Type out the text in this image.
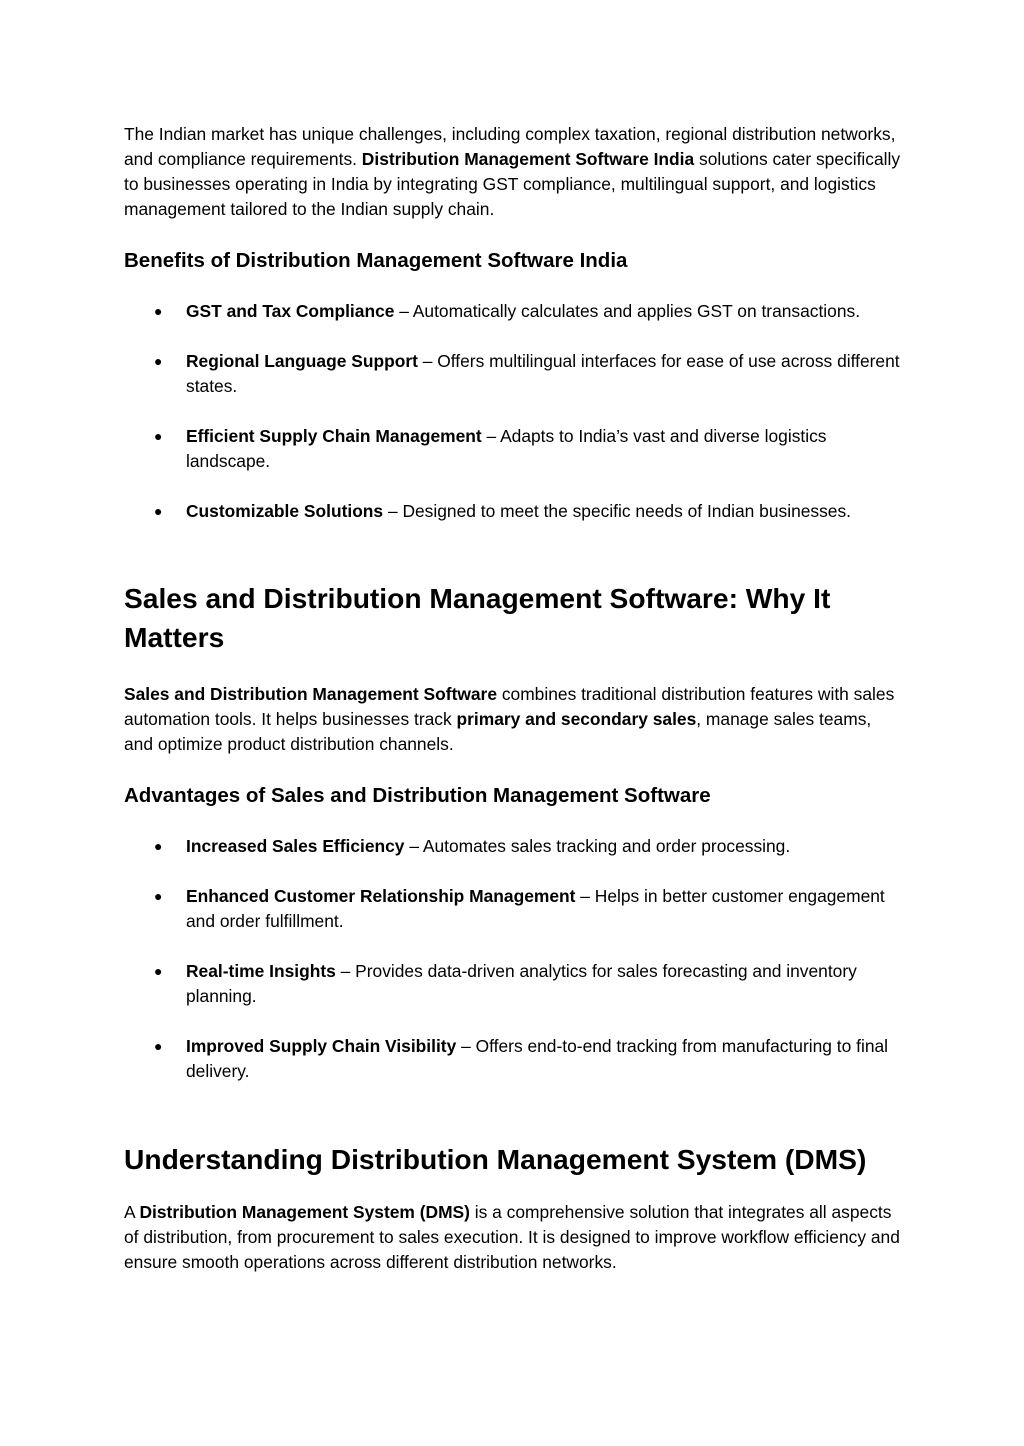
The Indian market has unique challenges, including complex taxation, regional distribution networks, and compliance requirements. Distribution Management Software India solutions cater specifically to businesses operating in India by integrating GST compliance, multilingual support, and logistics management tailored to the Indian supply chain.

Benefits of Distribution Management Software India
● GST and Tax Compliance – Automatically calculates and applies GST on transactions.
● Regional Language Support – Offers multilingual interfaces for ease of use across different states.
● Efficient Supply Chain Management – Adapts to India’s vast and diverse logistics landscape.
● Customizable Solutions – Designed to meet the specific needs of Indian businesses.
Sales and Distribution Management Software: Why It Matters

Sales and Distribution Management Software combines traditional distribution features with sales automation tools. It helps businesses track primary and secondary sales, manage sales teams, and optimize product distribution channels.

Advantages of Sales and Distribution Management Software
● Increased Sales Efficiency – Automates sales tracking and order processing.
● Enhanced Customer Relationship Management – Helps in better customer engagement and order fulfillment.
● Real-time Insights – Provides data-driven analytics for sales forecasting and inventory planning.
● Improved Supply Chain Visibility – Offers end-to-end tracking from manufacturing to final delivery.
Understanding Distribution Management System (DMS)

A Distribution Management System (DMS) is a comprehensive solution that integrates all aspects of distribution, from procurement to sales execution. It is designed to improve workflow efficiency and ensure smooth operations across different distribution networks.
